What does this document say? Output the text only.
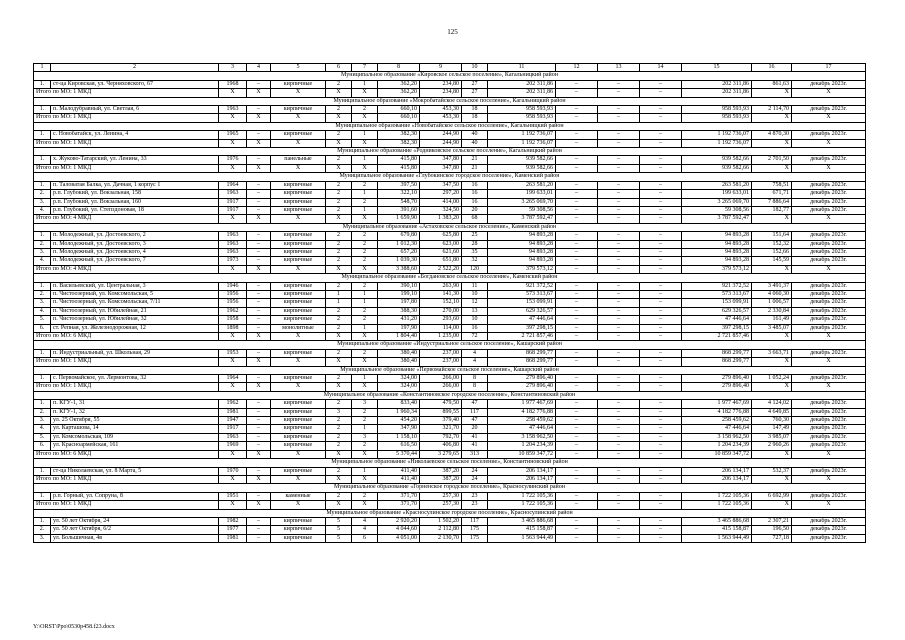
125
1	2	3	4	5	6	7	8	9	10	11	12	13	14	15	16	17
Муниципальное образование «Кировское сельское поселение», Кагальницкий район																
1.	ст-ца Кировская, ул. Черняховского, 67	1968	–	кирпичные	2	1	362,20	234,80	27	202 311,86	–	–	–	202 311,86	861,63	декабрь 2023г.
Итого по МО: 1 МКД		X	X	X	X	X	362,20	234,80	27	202 311,86	–	–	–	202 311,86	X	X
Муниципальное образование «Мокробатайское сельское поселение», Кагальницкий район																
1.	п. Малодубравный, ул. Светлая, 6	1963	–	кирпичные	2	2	660,10	453,30	18	958 593,93	–	–	–	958 593,93	2 114,70	декабрь 2023г.
Итого по МО: 1 МКД		X	X	X	X	X	660,10	453,30	18	958 593,93	–	–	–	958 593,93	X	X
Муниципальное образование «Новобатайское сельское поселение», Кагальницкий район																
1.	с. Новобатайск, ул. Ленина, 4	1965	–	кирпичные	2	1	382,30	244,90	40	1 192 736,07	–	–	–	1 192 736,07	4 870,30	декабрь 2023г.
Итого по МО: 1 МКД		X	X	X	X	X	382,30	244,90	40	1 192 736,07	–	–	–	1 192 736,07	X	X
Муниципальное образование «Родниковское сельское поселение», Кагальницкий район																
1.	х. Жуково-Татарский, ул. Ленина, 33	1976	–	панельные	2	1	415,80	347,80	21	939 582,66	–	–	–	939 582,66	2 701,50	декабрь 2023г.
Итого по МО: 1 МКД		X	X	X	X	X	415,80	347,80	21	939 582,66	–	–	–	939 582,66	X	X
Муниципальное образование «Глубокинское городское поселение», Каменский район																
1.	п. Таловатая Балка, ул. Дачная, 1 корпус 1	1964	–	кирпичные	2	2	397,50	347,50	16	263 581,20	–	–	–	263 581,20	758,51	декабрь 2023г.
2.	р.п. Глубокий, ул. Вокзальная, 158	1963	–	кирпичные	2	1	322,10	297,20	16	199 633,01	–	–	–	199 633,01	671,71	декабрь 2023г.
3.	р.п. Глубокий, ул. Вокзальная, 160	1917	–	кирпичные	2	2	548,70	414,00	16	3 265 069,70	–	–	–	3 265 069,70	7 886,64	декабрь 2023г.
4.	р.п. Глубокий, ул. Степздоновая, 18	1917	–	кирпичные	2	1	391,60	324,50	20	59 308,56	–	–	–	59 308,56	182,77	декабрь 2023г.
Итого по МО: 4 МКД		X	X	X	X	X	1 659,90	1 383,20	68	3 787 592,47	–	–	–	3 787 592,47	X	X
Муниципальное образование «Астаховское сельское поселение», Каменский район																
1.	п. Молодежный, ул. Достоевского, 2	1963	–	кирпичные	2	2	679,80	625,80	25	94 893,28	–	–	–	94 893,28	151,64	декабрь 2023г.
2.	п. Молодежный, ул. Достоевского, 3	1963	–	кирпичные	2	2	1 012,30	623,00	28	94 893,28	–	–	–	94 893,28	152,32	декабрь 2023г.
3.	п. Молодежный, ул. Достоевского, 4	1963	–	кирпичные	2	2	657,20	621,60	35	94 893,28	–	–	–	94 893,28	152,66	декабрь 2023г.
4.	п. Молодежный, ул. Достоевского, 7	1973	–	кирпичные	2	2	1 039,30	651,80	32	94 893,28	–	–	–	94 893,28	145,59	декабрь 2023г.
Итого по МО: 4 МКД		X	X	X	X	X	3 388,60	2 522,20	120	379 573,12	–	–	–	379 573,12	X	X
Муниципальное образование «Богдановское сельское поселение», Каменский район																
1.	п. Васильевский, ул. Центральная, 3	1946	–	кирпичные	2	2	390,10	263,90	11	921 372,52	–	–	–	921 372,52	3 491,37	декабрь 2023г.
2.	п. Чистоозерный, ул. Комсомольская, 5	1956	–	кирпичные	1	1	199,10	141,30	10	573 313,67	–	–	–	573 313,67	4 060,30	декабрь 2023г.
3.	п. Чистоозерный, ул. Комсомольская, 7/11	1956	–	кирпичные	1	1	197,80	152,10	12	153 099,91	–	–	–	153 099,91	1 006,57	декабрь 2023г.
4.	п. Чистоозерный, ул. Юбилейная, 21	1962	–	кирпичные	2	2	388,30	270,00	13	629 326,57	–	–	–	629 326,57	2 330,84	декабрь 2023г.
5.	п. Чистоозерный, ул. Юбилейная, 32	1958	–	кирпичные	2	2	431,20	293,60	10	47 446,64	–	–	–	47 446,64	161,49	декабрь 2023г.
6.	ст. Репная, ул. Железнодорожная, 12	1898	–	монолитные	2	1	197,90	114,00	16	397 298,15	–	–	–	397 298,15	3 485,07	декабрь 2023г.
Итого по МО: 6 МКД		X	X	X	X	X	1 804,40	1 235,00	72	2 721 857,46	–	–	–	2 721 857,46	X	X
Муниципальное образование «Индустриальное сельское поселение», Кашарский район																
1.	п. Индустриальный, ул. Школьная, 29	1953	–	кирпичные	2	2	380,40	237,00	4	868 299,77	–	–	–	868 299,77	3 663,71	декабрь 2023г.
Итого по МО: 1 МКД		X	X	X	X	X	380,40	237,00	4	868 299,77	–	–	–	868 299,77	X	X
Муниципальное образование «Первомайское сельское поселение», Кашарский район																
1.	с. Первомайское, ул. Лермонтова, 32	1964	–	кирпичные	2	1	324,00	266,00	8	279 896,40	–	–	–	279 896,40	1 052,24	декабрь 2023г.
Итого по МО: 1 МКД		X	X	X	X	X	324,00	266,00	8	279 896,40	–	–	–	279 896,40	X	X
Муниципальное образование «Константиновское городское поселение», Константиновский район																
1.	п. КГУ-1, 31	1962	–	кирпичные	2	3	833,40	479,50	47	1 977 467,69	–	–	–	1 977 467,69	4 124,02	декабрь 2023г.
2.	п. КГУ-1, 32	1981	–	кирпичные	3	2	1 960,34	899,55	117	4 182 776,88	–	–	–	4 182 776,88	4 649,85	декабрь 2023г.
3.	ул. 25 Октября, 55	1947	–	кирпичные	2	2	454,20	379,40	47	258 459,62	–	–	–	258 459,62	760,30	декабрь 2023г.
4.	ул. Карташова, 14	1917	–	кирпичные	2	1	347,90	321,70	20	47 446,64	–	–	–	47 446,64	147,49	декабрь 2023г.
5.	ул. Комсомольская, 109	1963	–	кирпичные	2	3	1 158,10	792,70	41	3 158 962,50	–	–	–	3 158 962,50	3 985,07	декабрь 2023г.
6.	ул. Красноармейская, 161	1969	–	кирпичные	2	2	616,50	406,80	41	1 204 234,39	–	–	–	1 204 234,39	2 960,26	декабрь 2023г.
Итого по МО: 6 МКД		X	X	X	X	X	5 370,44	3 279,65	313	10 859 347,72	–	–	–	10 859 347,72	X	X
Муниципальное образование «Николаевское сельское поселение», Константиновский район																
1.	ст-ца Николаевская, ул. 8 Марта, 5	1970	–	кирпичные	2	1	411,40	387,20	24	206 134,17	–	–	–	206 134,17	532,37	декабрь 2023г.
Итого по МО: 1 МКД		X	X	X	X	X	411,40	387,20	24	206 134,17	–	–	–	206 134,17	X	X
Муниципальное образование «Горненское городское поселение», Красносулинский район																
1.	р.п. Горный, ул. Сопруна, 8	1951	–	каменные	2	2	371,70	257,30	23	1 722 105,36	–	–	–	1 722 105,36	6 692,99	декабрь 2023г.
Итого по МО: 1 МКД		X	X	X	X	X	371,70	257,30	23	1 722 105,36	–	–	–	1 722 105,36	X	X
Муниципальное образование «Красносулинское городское поселение», Красносулинский район																
1.	ул. 50 лет Октября, 24	1982	–	кирпичные	5	4	2 920,20	1 502,20	117	3 465 886,68	–	–	–	3 465 886,68	2 307,21	декабрь 2023г.
2.	ул. 50 лет Октября, 6/2	1977	–	кирпичные	5	4	4 044,60	2 112,80	175	415 158,87	–	–	–	415 158,87	196,50	декабрь 2023г.
3.	ул. Большичная, 4в	1981	–	кирпичные	5	6	4 051,00	2 130,70	175	1 563 944,49	–	–	–	1 563 944,49	727,18	декабрь 2023г.
Y:\ORST\Ppo\0530p458.f23.docx
